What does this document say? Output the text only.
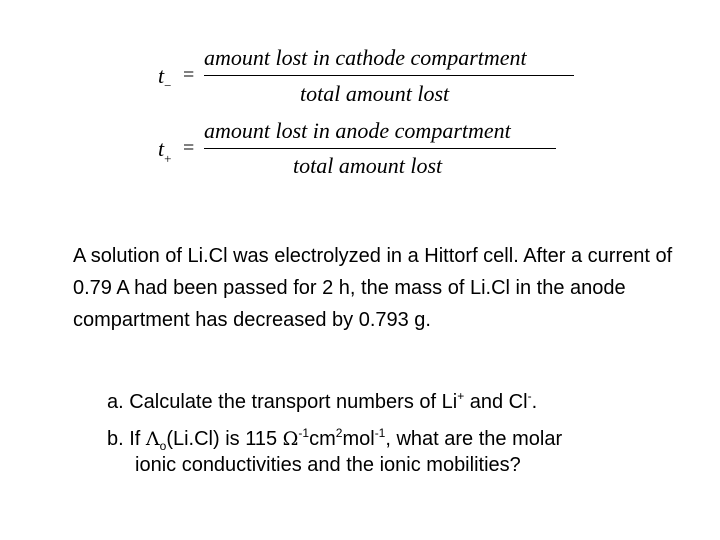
$t_-$ =
amount lost in cathode compartment
total amount lost
$t_+$ =
amount lost in anode compartment
total amount lost
A solution of Li.Cl was electrolyzed in a Hittorf cell. After a current of 0.79 A had been passed for 2 h, the mass of Li.Cl in the anode compartment has decreased by 0.793 g.
a. Calculate the transport numbers of Li+ and Cl-.
b. If $\Lambda_o(Li.Cl)$ is 115 $\Omega^{-1}cm^2mol^{-1}$, what are the molar
ionic conductivities and the ionic mobilities?
